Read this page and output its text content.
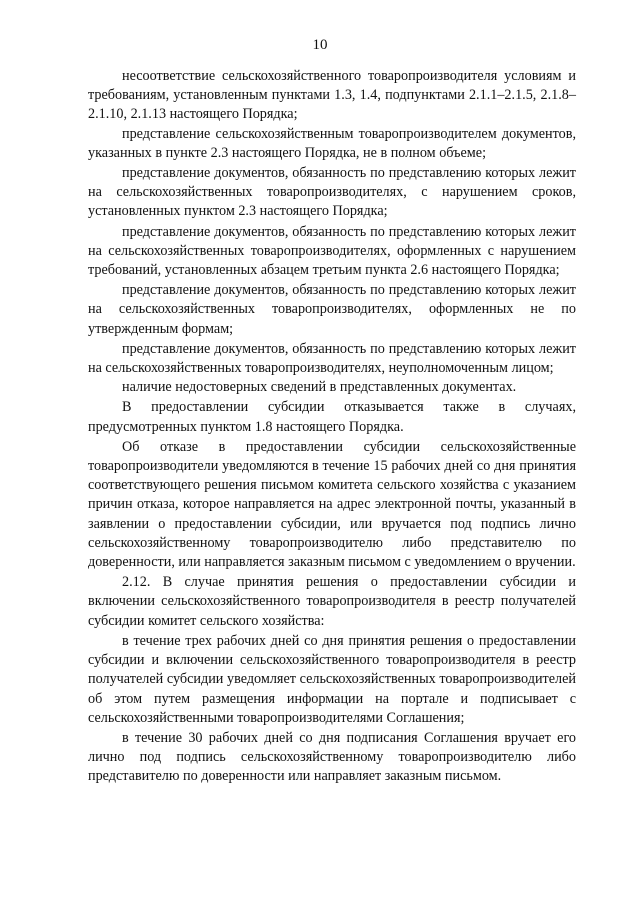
10

несоответствие сельскохозяйственного товаропроизводителя условиям и требованиям, установленным пунктами 1.3, 1.4, подпунктами 2.1.1–2.1.5, 2.1.8–2.1.10, 2.1.13 настоящего Порядка;

представление сельскохозяйственным товаропроизводителем документов, указанных в пункте 2.3 настоящего Порядка, не в полном объеме;

представление документов, обязанность по представлению которых лежит на сельскохозяйственных товаропроизводителях, с нарушением сроков, установленных пунктом 2.3 настоящего Порядка;

представление документов, обязанность по представлению которых лежит на сельскохозяйственных товаропроизводителях, оформленных с нарушением требований, установленных абзацем третьим пункта 2.6 настоящего Порядка;

представление документов, обязанность по представлению которых лежит на сельскохозяйственных товаропроизводителях, оформленных не по утвержденным формам;

представление документов, обязанность по представлению которых лежит на сельскохозяйственных товаропроизводителях, неуполномоченным лицом;

наличие недостоверных сведений в представленных документах.

В предоставлении субсидии отказывается также в случаях, предусмотренных пунктом 1.8 настоящего Порядка.

Об отказе в предоставлении субсидии сельскохозяйственные товаропроизводители уведомляются в течение 15 рабочих дней со дня принятия соответствующего решения письмом комитета сельского хозяйства с указанием причин отказа, которое направляется на адрес электронной почты, указанный в заявлении о предоставлении субсидии, или вручается под подпись лично сельскохозяйственному товаропроизводителю либо представителю по доверенности, или направляется заказным письмом с уведомлением о вручении.

2.12. В случае принятия решения о предоставлении субсидии и включении сельскохозяйственного товаропроизводителя в реестр получателей субсидии комитет сельского хозяйства:

в течение трех рабочих дней со дня принятия решения о предоставлении субсидии и включении сельскохозяйственного товаропроизводителя в реестр получателей субсидии уведомляет сельскохозяйственных товаропроизводителей об этом путем размещения информации на портале и подписывает с сельскохозяйственными товаропроизводителями Соглашения;

в течение 30 рабочих дней со дня подписания Соглашения вручает его лично под подпись сельскохозяйственному товаропроизводителю либо представителю по доверенности или направляет заказным письмом.
